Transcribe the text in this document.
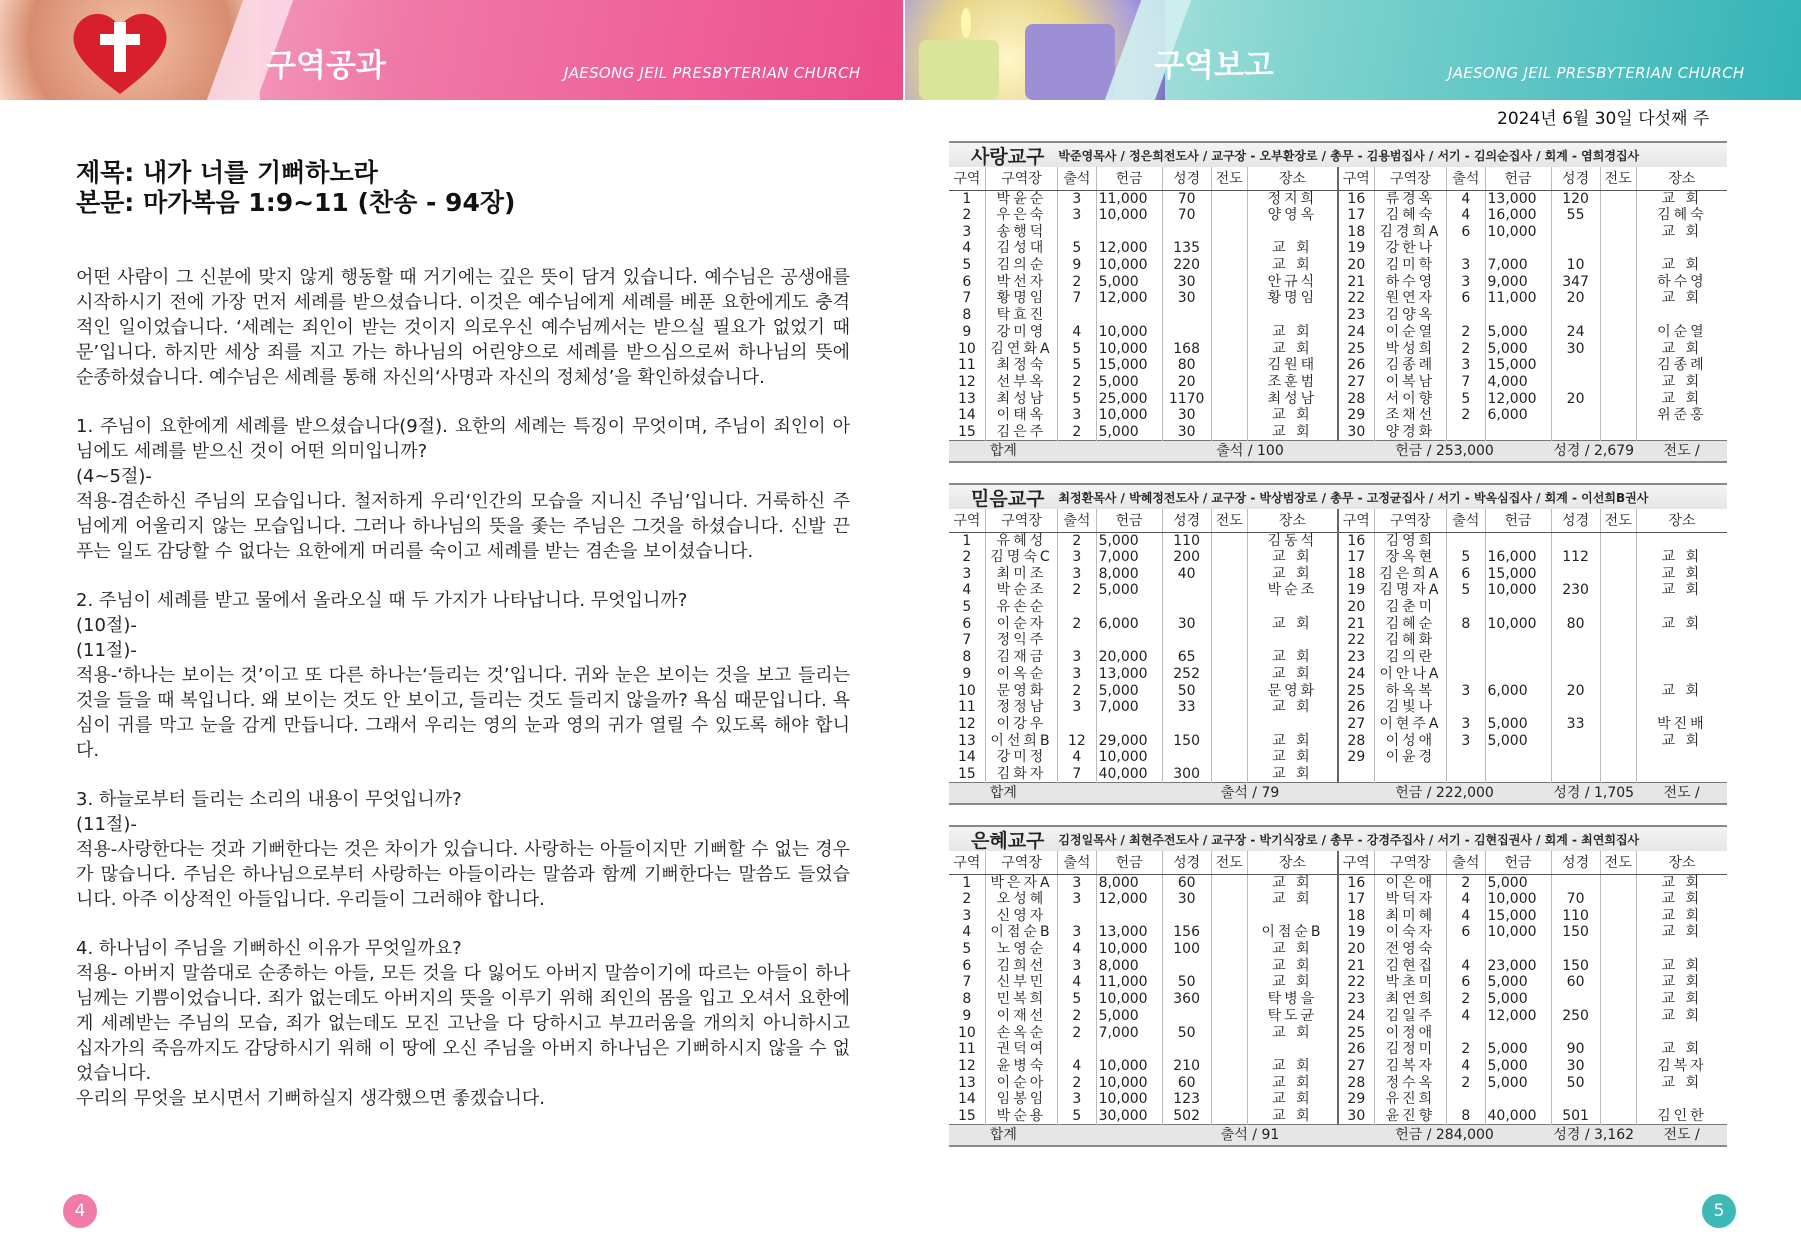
구역공과	JAESONG JEIL PRESBYTERIAN CHURCH	구역보고	JAESONG JEIL PRESBYTERIAN CHURCH
2024년 6월 30일 다섯째 주
제목: 내가 너를 기뻐하노라
본문: 마가복음 1:9~11 (찬송 - 94장)

어떤 사람이 그 신분에 맞지 않게 행동할 때 거기에는 깊은 뜻이 담겨 있습니다. 예수님은 공생애를 시작하시기 전에 가장 먼저 세례를 받으셨습니다. 이것은 예수님에게 세례를 베푼 요한에게도 충격적인 일이었습니다. ‘세례는 죄인이 받는 것이지 의로우신 예수님께서는 받으실 필요가 없었기 때문’입니다. 하지만 세상 죄를 지고 가는 하나님의 어린양으로 세례를 받으심으로써 하나님의 뜻에 순종하셨습니다. 예수님은 세례를 통해 자신의‘사명과 자신의 정체성’을 확인하셨습니다.

1. 주님이 요한에게 세례를 받으셨습니다(9절). 요한의 세례는 특징이 무엇이며, 주님이 죄인이 아님에도 세례를 받으신 것이 어떤 의미입니까?

(4~5절)-

적용-겸손하신 주님의 모습입니다. 철저하게 우리‘인간의 모습을 지니신 주님’입니다. 거룩하신 주님에게 어울리지 않는 모습입니다. 그러나 하나님의 뜻을 좇는 주님은 그것을 하셨습니다. 신발 끈 푸는 일도 감당할 수 없다는 요한에게 머리를 숙이고 세례를 받는 겸손을 보이셨습니다.

2. 주님이 세례를 받고 물에서 올라오실 때 두 가지가 나타납니다. 무엇입니까?

(10절)-

(11절)-

적용-‘하나는 보이는 것’이고 또 다른 하나는‘들리는 것’입니다. 귀와 눈은 보이는 것을 보고 들리는 것을 들을 때 복입니다. 왜 보이는 것도 안 보이고, 들리는 것도 들리지 않을까? 욕심 때문입니다. 욕심이 귀를 막고 눈을 감게 만듭니다. 그래서 우리는 영의 눈과 영의 귀가 열릴 수 있도록 해야 합니다.

3. 하늘로부터 들리는 소리의 내용이 무엇입니까?

(11절)-

적용-사랑한다는 것과 기뻐한다는 것은 차이가 있습니다. 사랑하는 아들이지만 기뻐할 수 없는 경우가 많습니다. 주님은 하나님으로부터 사랑하는 아들이라는 말씀과 함께 기뻐한다는 말씀도 들었습니다. 아주 이상적인 아들입니다. 우리들이 그러해야 합니다.

4. 하나님이 주님을 기뻐하신 이유가 무엇일까요?

적용- 아버지 말씀대로 순종하는 아들, 모든 것을 다 잃어도 아버지 말씀이기에 따르는 아들이 하나님께는 기쁨이었습니다. 죄가 없는데도 아버지의 뜻을 이루기 위해 죄인의 몸을 입고 오셔서 요한에게 세례받는 주님의 모습, 죄가 없는데도 모진 고난을 다 당하시고 부끄러움을 개의치 아니하시고 십자가의 죽음까지도 감당하시기 위해 이 땅에 오신 주님을 아버지 하나님은 기뻐하시지 않을 수 없었습니다.

우리의 무엇을 보시면서 기뻐하실지 생각했으면 좋겠습니다.

4	5
사랑교구 박준영목사 / 정은희전도사 / 교구장 - 오부환장로 / 총무 - 김용범집사 / 서기 - 김의순집사 / 회계 - 염희경집사
구역	구역장	출석	헌금	성경	전도	장소	구역	구역장	출석	헌금	성경	전도	장소
1	박윤순	3	11,000	70		정지희	16	류경옥	4	13,000	120		교 회
2	우은숙	3	10,000	70		양영옥	17	김혜숙	4	16,000	55		김혜숙
3	송행덕						18	김경희A	6	10,000			교 회
4	김성대	5	12,000	135		교 회	19	강한나					
5	김의순	9	10,000	220		교 회	20	김미학	3	7,000	10		교 회
6	박선자	2	5,000	30		안규식	21	하수영	3	9,000	347		하수영
7	황명임	7	12,000	30		황명임	22	원연자	6	11,000	20		교 회
8	탁효진						23	김양옥					
9	강미영	4	10,000			교 회	24	이순열	2	5,000	24		이순열
10	김연화A	5	10,000	168		교 회	25	박성희	2	5,000	30		교 회
11	최정숙	5	15,000	80		김원태	26	김종례	3	15,000			김종례
12	선부옥	2	5,000	20		조훈범	27	이복남	7	4,000			교 회
13	최성남	5	25,000	1170		최성남	28	서이향	5	12,000	20		교 회
14	이태옥	3	10,000	30		교 회	29	조채선	2	6,000			위준홍
15	김은주	2	5,000	30		교 회	30	양경화					
합계				출석 / 100			헌금 / 253,000				성경 / 2,679		전도 /
믿음교구 최정환목사 / 박혜정전도사 / 교구장 - 박상범장로 / 총무 - 고정균집사 / 서기 - 박옥심집사 / 회계 - 이선희B권사
구역	구역장	출석	헌금	성경	전도	장소	구역	구역장	출석	헌금	성경	전도	장소
1	유혜성	2	5,000	110		김동석	16	김영희					
2	김명숙C	3	7,000	200		교 회	17	장옥현	5	16,000	112		교 회
3	최미조	3	8,000	40		교 회	18	김은희A	6	15,000			교 회
4	박순조	2	5,000			박순조	19	김명자A	5	10,000	230		교 회
5	유손순						20	김춘미					
6	이순자	2	6,000	30		교 회	21	김혜순	8	10,000	80		교 회
7	정익주						22	김혜화					
8	김재금	3	20,000	65		교 회	23	김의란					
9	이옥순	3	13,000	252		교 회	24	이안나A					
10	문영화	2	5,000	50		문영화	25	하옥복	3	6,000	20		교 회
11	정정남	3	7,000	33		교 회	26	김빛나					
12	이강우						27	이현주A	3	5,000	33		박진배
13	이선희B	12	29,000	150		교 회	28	이성애	3	5,000			교 회
14	강미정	4	10,000			교 회	29	이윤경					
15	김화자	7	40,000	300		교 회							
합계				출석 / 79			헌금 / 222,000				성경 / 1,705		전도 /
은혜교구 김정일목사 / 최현주전도사 / 교구장 - 박기식장로 / 총무 - 강경주집사 / 서기 - 김현집권사 / 회계 - 최연희집사
구역	구역장	출석	헌금	성경	전도	장소	구역	구역장	출석	헌금	성경	전도	장소
1	박은자A	3	8,000	60		교 회	16	이은애	2	5,000			교 회
2	오성혜	3	12,000	30		교 회	17	박덕자	4	10,000	70		교 회
3	신영자						18	최미혜	4	15,000	110		교 회
4	이점순B	3	13,000	156		이점순B	19	이숙자	6	10,000	150		교 회
5	노영순	4	10,000	100		교 회	20	전영숙					
6	김희선	3	8,000			교 회	21	김현집	4	23,000	150		교 회
7	신부민	4	11,000	50		교 회	22	박초미	6	5,000	60		교 회
8	민복희	5	10,000	360		탁병을	23	최연희	2	5,000			교 회
9	이재선	2	5,000			탁도균	24	김일주	4	12,000	250		교 회
10	손옥순	2	7,000	50		교 회	25	이정애					
11	권덕여						26	김정미	2	5,000	90		교 회
12	윤병숙	4	10,000	210		교 회	27	김복자	4	5,000	30		김복자
13	이순아	2	10,000	60		교 회	28	정수옥	2	5,000	50		교 회
14	임봉임	3	10,000	123		교 회	29	유진희					
15	박순용	5	30,000	502		교 회	30	윤진향	8	40,000	501		김인한
합계				출석 / 91			헌금 / 284,000				성경 / 3,162		전도 /
